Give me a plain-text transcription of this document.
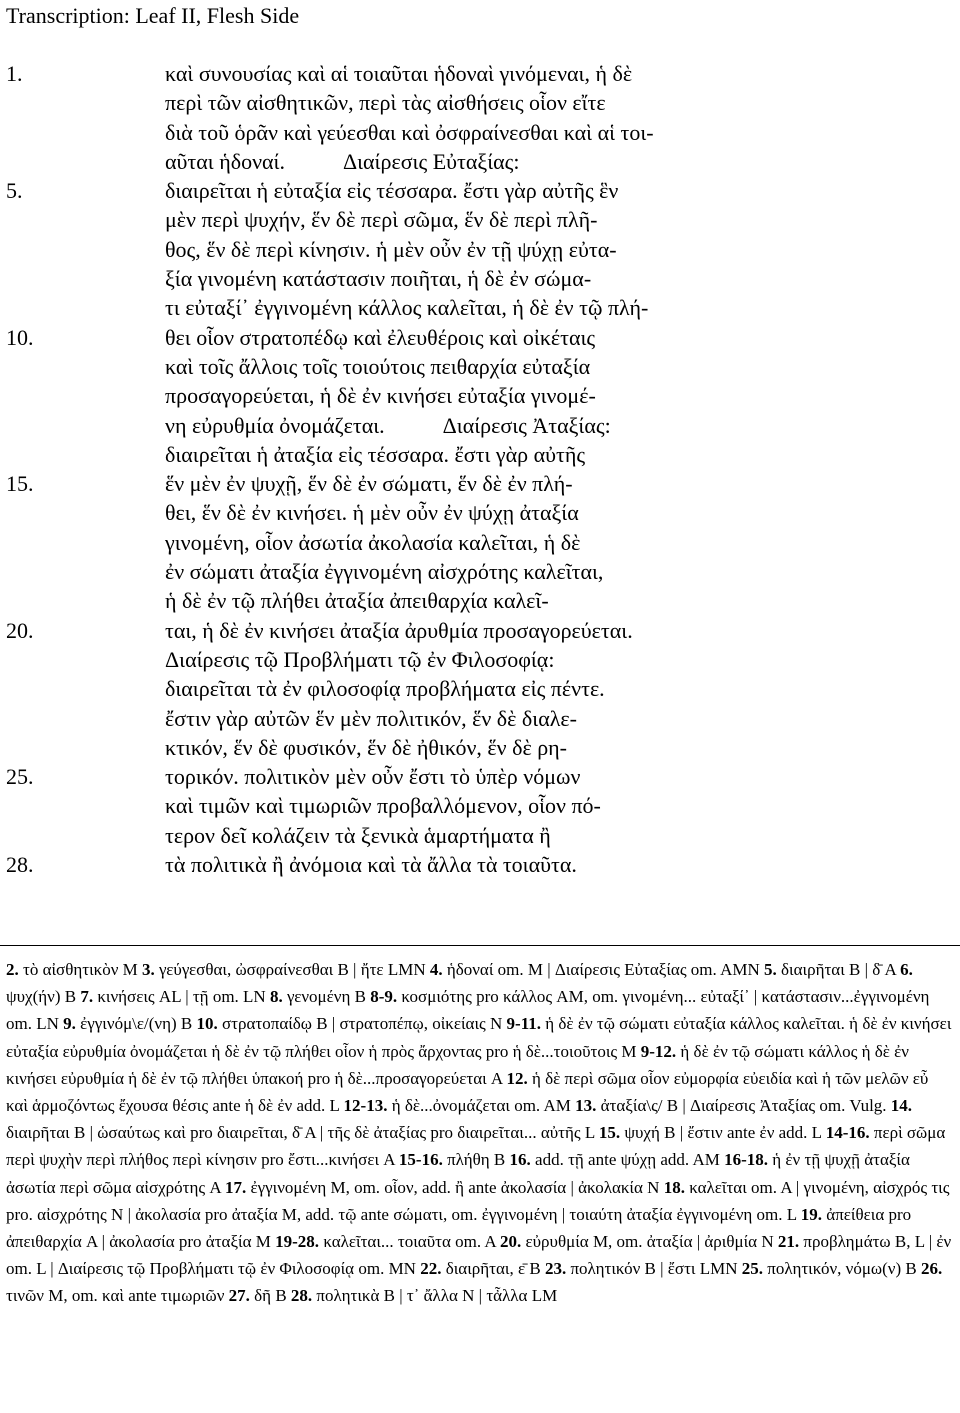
Transcription: Leaf II, Flesh Side
1.	καὶ συνουσίας καὶ αἱ τοιαῦται ἡδοναὶ γινόμεναι, ἡ δὲ
περὶ τῶν αἰσθητικῶν, περὶ τὰς αἰσθήσεις οἷον εἴτε
διὰ τοῦ ὁρᾶν καὶ γεύεσθαι καὶ ὀσφραίνεσθαι καὶ αἱ τοι-
αῦται ἡδοναί.	Διαίρεσις Εὐταξίας:
5.	διαιρεῖται ἡ εὐταξία εἰς τέσσαρα. ἔστι γὰρ αὐτῆς ἓν
μὲν περὶ ψυχήν, ἕν δὲ περὶ σῶμα, ἕν δὲ περὶ πλῆ-
θος, ἕν δὲ περὶ κίνησιν. ἡ μὲν οὖν ἐν τῇ ψύχῃ εὐτα-
ξία γινομένη κατάστασιν ποιῆται, ἡ δὲ ἐν σώμα-
τι εὐταξί᾽ ἐγγινομένη κάλλος καλεῖται, ἡ δὲ ἐν τῷ πλή-
10.	θει οἷον στρατοπέδῳ καὶ ἐλευθέροις καὶ οἰκέταις
καὶ τοῖς ἄλλοις τοῖς τοιούτοις πειθαρχία εὐταξία
προσαγορεύεται, ἡ δὲ ἐν κινήσει εὐταξία γινομέ-
νη εὐρυθμία ὀνομάζεται.	Διαίρεσις Ἀταξίας:
διαιρεῖται ἡ ἀταξία εἰς τέσσαρα. ἔστι γὰρ αὐτῆς
15.	ἕν μὲν ἐν ψυχῇ, ἕν δὲ ἐν σώματι, ἕν δὲ ἐν πλή-
θει, ἕν δὲ ἐν κινήσει. ἡ μὲν οὖν ἐν ψύχῃ ἀταξία
γινομένη, οἷον ἀσωτία ἀκολασία καλεῖται, ἡ δὲ
ἐν σώματι ἀταξία ἐγγινομένη αἰσχρότης καλεῖται,
ἡ δὲ ἐν τῷ πλήθει ἀταξία ἀπειθαρχία καλεῖ-
20.	ται, ἡ δὲ ἐν κινήσει ἀταξία ἀρυθμία προσαγορεύεται.
Διαίρεσις τῷ Προβλήματι τῷ ἐν Φιλοσοφίᾳ:
διαιρεῖται τὰ ἐν φιλοσοφίᾳ προβλήματα εἰς πέντε.
ἔστιν γὰρ αὐτῶν ἕν μὲν πολιτικόν, ἕν δὲ διαλε-
κτικόν, ἕν δὲ φυσικόν, ἕν δὲ ἠθικόν, ἕν δὲ ρη-
25.	τορικόν. πολιτικὸν μὲν οὖν ἔστι τὸ ὑπὲρ νόμων
καὶ τιμῶν καὶ τιμωριῶν προβαλλόμενον, οἷον πό-
τερον δεῖ κολάζειν τὰ ξενικὰ ἁμαρτήματα ἢ
28.	τὰ πολιτικὰ ἢ ἀνόμοια καὶ τὰ ἄλλα τὰ τοιαῦτα.
2. τὸ αἰσθητικὸν M 3. γεύγεσθαι, ὠσφραίνεσθαι B | ἤτε LMN 4. ἡδοναί om. M | Διαίρεσις Εὐταξίας om. AMN 5. διαιρῆται B | δ̄ A 6. ψυχ(ήν) B 7. κινήσεις AL | τῇ om. LN 8. γενομένη B 8-9. κοσμιότης pro κάλλος AM, om. γινομένη... εὐταξί᾽ | κατάστασιν...ἐγγινομένη om. LN 9. ἐγγινόμ\ε/(νη) B 10. στρατοπαίδῳ B | στρατοπέπῳ, οἰκείαις N 9-11. ἡ δὲ ἐν τῷ σώματι εὐταξία κάλλος καλεῖται. ἡ δὲ ἐν κινήσει εὐταξία εὐρυθμία ὀνομάζεται ἡ δὲ ἐν τῷ πλήθει οἷον ἡ πρὸς ἄρχοντας pro ἡ δὲ...τοιοῦτοις M 9-12. ἡ δὲ ἐν τῷ σώματι κάλλος ἡ δὲ ἐν κινήσει εὐρυθμία ἡ δὲ ἐν τῷ πλήθει ὑπακοή pro ἡ δὲ...προσαγορεύεται A 12. ἡ δὲ περὶ σῶμα οἷον εὐμορφία εὐειδία καὶ ἡ τῶν μελῶν εὖ καὶ ἁρμοζόντως ἔχουσα θέσις ante ἡ δὲ ἐν add. L 12-13. ἡ δὲ...ὀνομάζεται om. AM 13. ἀταξία\ς/ B | Διαίρεσις Ἀταξίας om. Vulg. 14. διαιρῆται B | ὡσαύτως καὶ pro διαιρεῖται, δ̄ A | τῆς δὲ ἀταξίας pro διαιρεῖται... αὐτῆς L 15. ψυχή B | ἔστιν ante ἐν add. L 14-16. περὶ σῶμα περὶ ψυχὴν περὶ πλήθος περὶ κίνησιν pro ἔστι...κινήσει A 15-16. πλήθη B 16. add. τῇ ante ψύχῃ add. AM 16-18. ἡ ἐν τῇ ψυχῇ ἀταξία ἀσωτία περὶ σῶμα αἰσχρότης A 17. ἐγγινομένη M, om. οἷον, add. ἢ ante ἀκολασία | ἀκολακία N 18. καλεῖται om. A | γινομένη, αἰσχρός τις pro. αἰσχρότης N | ἀκολασία pro ἀταξία M, add. τῷ ante σώματι, om. ἐγγινομένη | τοιαύτη ἀταξία ἐγγινομένη om. L 19. ἀπείθεια pro ἀπειθαρχία A | ἀκολασία pro ἀταξία M 19-28. καλεῖται... τοιαῦτα om. A 20. εὐρυθμία M, om. ἀταξία | ἀριθμία N 21. προβλημάτω B, L | ἐν om. L | Διαίρεσις τῷ Προβλήματι τῷ ἐν Φιλοσοφίᾳ om. MN 22. διαιρῆται, ε̄ B 23. πολητικόν B | ἔστι LMN 25. πολητικόν, νόμω(ν) B 26. τινῶν M, om. καὶ ante τιμωριῶν 27. δῆ B 28. πολητικὰ B | τ᾽ ἄλλα N | τἆλλα LM
